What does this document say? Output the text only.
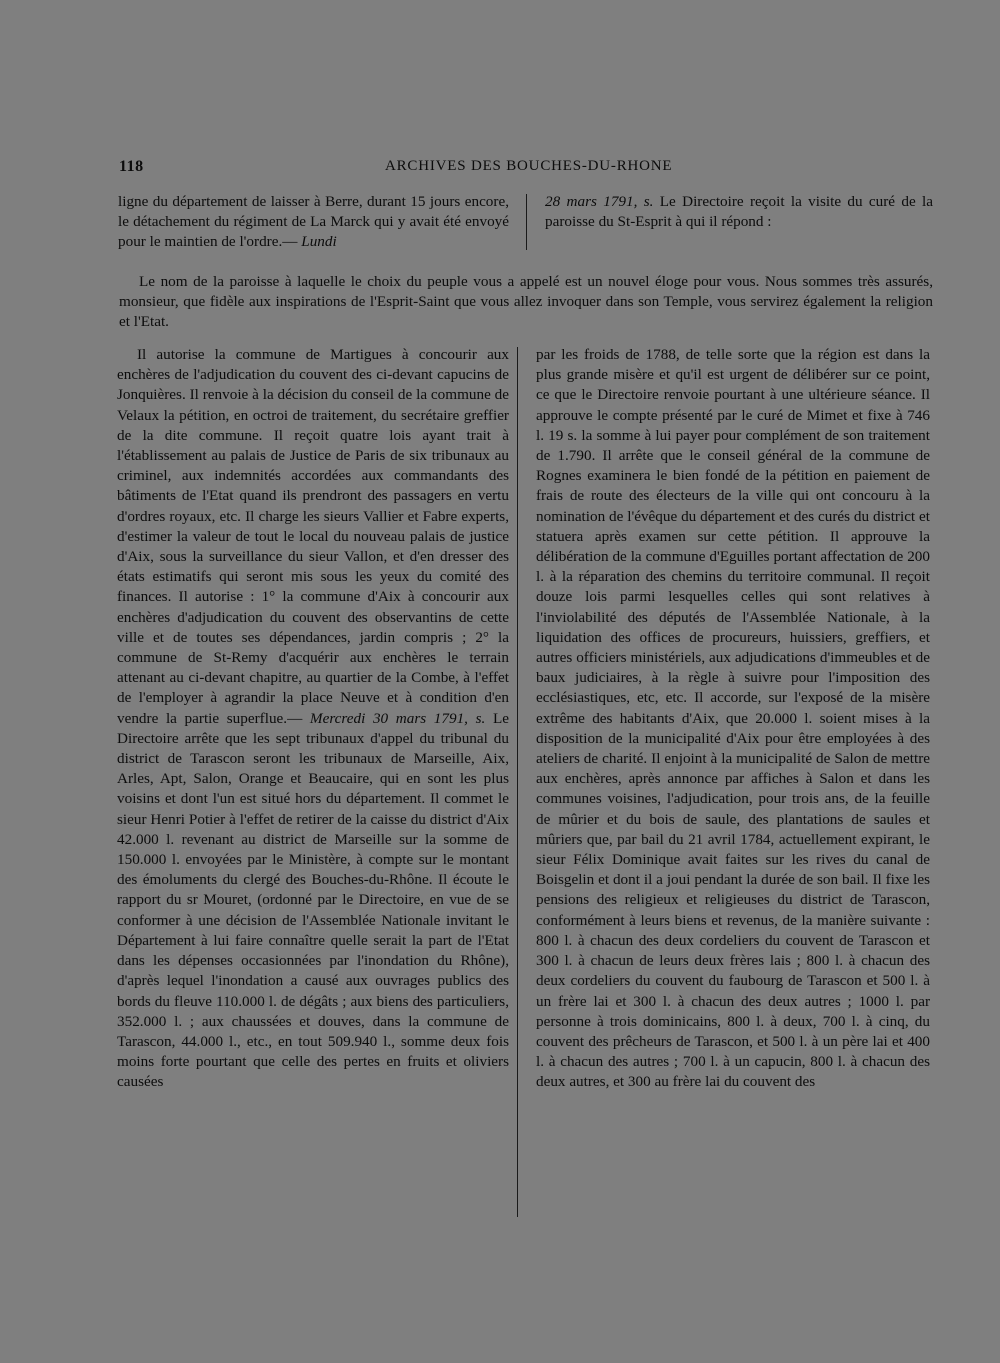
118	ARCHIVES DES BOUCHES-DU-RHONE

ligne du département de laisser à Berre, durant 15 jours encore, le détachement du régiment de La Marck qui y avait été envoyé pour le maintien de l'ordre.— Lundi

28 mars 1791, s. Le Directoire reçoit la visite du curé de la paroisse du St-Esprit à qui il répond :

Le nom de la paroisse à laquelle le choix du peuple vous a appelé est un nouvel éloge pour vous. Nous sommes très assurés, monsieur, que fidèle aux inspirations de l'Esprit-Saint que vous allez invoquer dans son Temple, vous servirez également la religion et l'Etat.

Il autorise la commune de Martigues à concourir aux enchères de l'adjudication du couvent des ci-devant capucins de Jonquières. Il renvoie à la décision du conseil de la commune de Velaux la pétition, en octroi de traitement, du secrétaire greffier de la dite commune. Il reçoit quatre lois ayant trait à l'établissement au palais de Justice de Paris de six tribunaux au criminel, aux indemnités accordées aux commandants des bâtiments de l'Etat quand ils prendront des passagers en vertu d'ordres royaux, etc. Il charge les sieurs Vallier et Fabre experts, d'estimer la valeur de tout le local du nouveau palais de justice d'Aix, sous la surveillance du sieur Vallon, et d'en dresser des états estimatifs qui seront mis sous les yeux du comité des finances. Il autorise : 1° la commune d'Aix à concourir aux enchères d'adjudication du couvent des observantins de cette ville et de toutes ses dépendances, jardin compris ; 2° la commune de St-Remy d'acquérir aux enchères le terrain attenant au ci-devant chapitre, au quartier de la Combe, à l'effet de l'employer à agrandir la place Neuve et à condition d'en vendre la partie superflue.— Mercredi 30 mars 1791, s. Le Directoire arrête que les sept tribunaux d'appel du tribunal du district de Tarascon seront les tribunaux de Marseille, Aix, Arles, Apt, Salon, Orange et Beaucaire, qui en sont les plus voisins et dont l'un est situé hors du département. Il commet le sieur Henri Potier à l'effet de retirer de la caisse du district d'Aix 42.000 l. revenant au district de Marseille sur la somme de 150.000 l. envoyées par le Ministère, à compte sur le montant des émoluments du clergé des Bouches-du-Rhône. Il écoute le rapport du sr Mouret, (ordonné par le Directoire, en vue de se conformer à une décision de l'Assemblée Nationale invitant le Département à lui faire connaître quelle serait la part de l'Etat dans les dépenses occasionnées par l'inondation du Rhône), d'après lequel l'inondation a causé aux ouvrages publics des bords du fleuve 110.000 l. de dégâts ; aux biens des particuliers, 352.000 l. ; aux chaussées et douves, dans la commune de Tarascon, 44.000 l., etc., en tout 509.940 l., somme deux fois moins forte pourtant que celle des pertes en fruits et oliviers causées

par les froids de 1788, de telle sorte que la région est dans la plus grande misère et qu'il est urgent de délibérer sur ce point, ce que le Directoire renvoie pourtant à une ultérieure séance. Il approuve le compte présenté par le curé de Mimet et fixe à 746 l. 19 s. la somme à lui payer pour complément de son traitement de 1.790. Il arrête que le conseil général de la commune de Rognes examinera le bien fondé de la pétition en paiement de frais de route des électeurs de la ville qui ont concouru à la nomination de l'évêque du département et des curés du district et statuera après examen sur cette pétition. Il approuve la délibération de la commune d'Eguilles portant affectation de 200 l. à la réparation des chemins du territoire communal. Il reçoit douze lois parmi lesquelles celles qui sont relatives à l'inviolabilité des députés de l'Assemblée Nationale, à la liquidation des offices de procureurs, huissiers, greffiers, et autres officiers ministériels, aux adjudications d'immeubles et de baux judiciaires, à la règle à suivre pour l'imposition des ecclésiastiques, etc, etc. Il accorde, sur l'exposé de la misère extrême des habitants d'Aix, que 20.000 l. soient mises à la disposition de la municipalité d'Aix pour être employées à des ateliers de charité. Il enjoint à la municipalité de Salon de mettre aux enchères, après annonce par affiches à Salon et dans les communes voisines, l'adjudication, pour trois ans, de la feuille de mûrier et du bois de saule, des plantations de saules et mûriers que, par bail du 21 avril 1784, actuellement expirant, le sieur Félix Dominique avait faites sur les rives du canal de Boisgelin et dont il a joui pendant la durée de son bail. Il fixe les pensions des religieux et religieuses du district de Tarascon, conformément à leurs biens et revenus, de la manière suivante : 800 l. à chacun des deux cordeliers du couvent de Tarascon et 300 l. à chacun de leurs deux frères lais ; 800 l. à chacun des deux cordeliers du couvent du faubourg de Tarascon et 500 l. à un frère lai et 300 l. à chacun des deux autres ; 1000 l. par personne à trois dominicains, 800 l. à deux, 700 l. à cinq, du couvent des prêcheurs de Tarascon, et 500 l. à un père lai et 400 l. à chacun des autres ; 700 l. à un capucin, 800 l. à chacun des deux autres, et 300 au frère lai du couvent des
